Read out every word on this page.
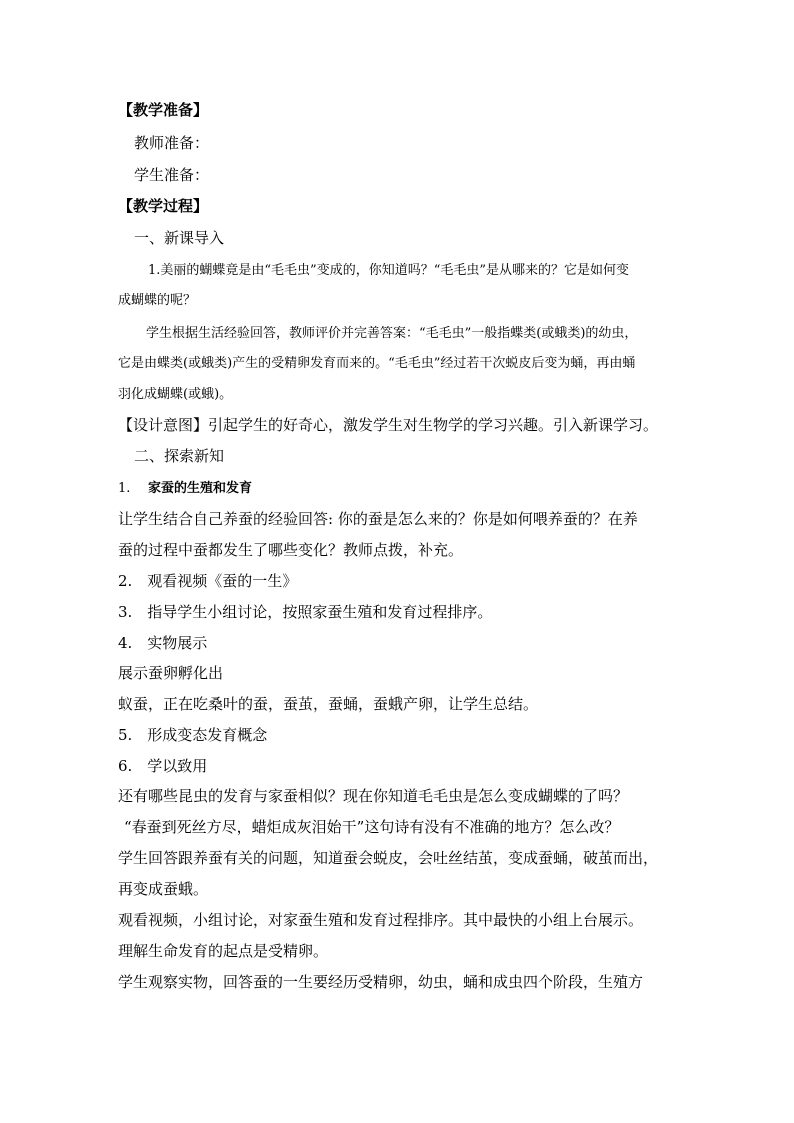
【教学准备】
教师准备：
学生准备：
【教学过程】
一、新课导入
1.美丽的蝴蝶竟是由“毛毛虫”变成的，你知道吗？“毛毛虫”是从哪来的？它是如何变
成蝴蝶的呢？
学生根据生活经验回答，教师评价并完善答案：“毛毛虫”一般指蝶类(或蛾类)的幼虫，
它是由蝶类(或蛾类)产生的受精卵发育而来的。“毛毛虫”经过若干次蜕皮后变为蛹，再由蛹
羽化成蝴蝶(或蛾)。
【设计意图】引起学生的好奇心，激发学生对生物学的学习兴趣。引入新课学习。
二、探索新知
1. 家蚕的生殖和发育
让学生结合自己养蚕的经验回答: 你的蚕是怎么来的？你是如何喂养蚕的？在养
蚕的过程中蚕都发生了哪些变化？教师点拨，补充。
2.　观看视频《蚕的一生》
3.　指导学生小组讨论，按照家蚕生殖和发育过程排序。
4.　实物展示
展示蚕卵孵化出
蚁蚕，正在吃桑叶的蚕，蚕茧，蚕蛹，蚕蛾产卵，让学生总结。
5.　形成变态发育概念
6.　学以致用
还有哪些昆虫的发育与家蚕相似？现在你知道毛毛虫是怎么变成蝴蝶的了吗？
“春蚕到死丝方尽，蜡炬成灰泪始干”这句诗有没有不准确的地方？怎么改？
学生回答跟养蚕有关的问题，知道蚕会蜕皮，会吐丝结茧，变成蚕蛹，破茧而出，
再变成蚕蛾。
观看视频，小组讨论，对家蚕生殖和发育过程排序。其中最快的小组上台展示。
理解生命发育的起点是受精卵。
学生观察实物，回答蚕的一生要经历受精卵，幼虫，蛹和成虫四个阶段，生殖方
